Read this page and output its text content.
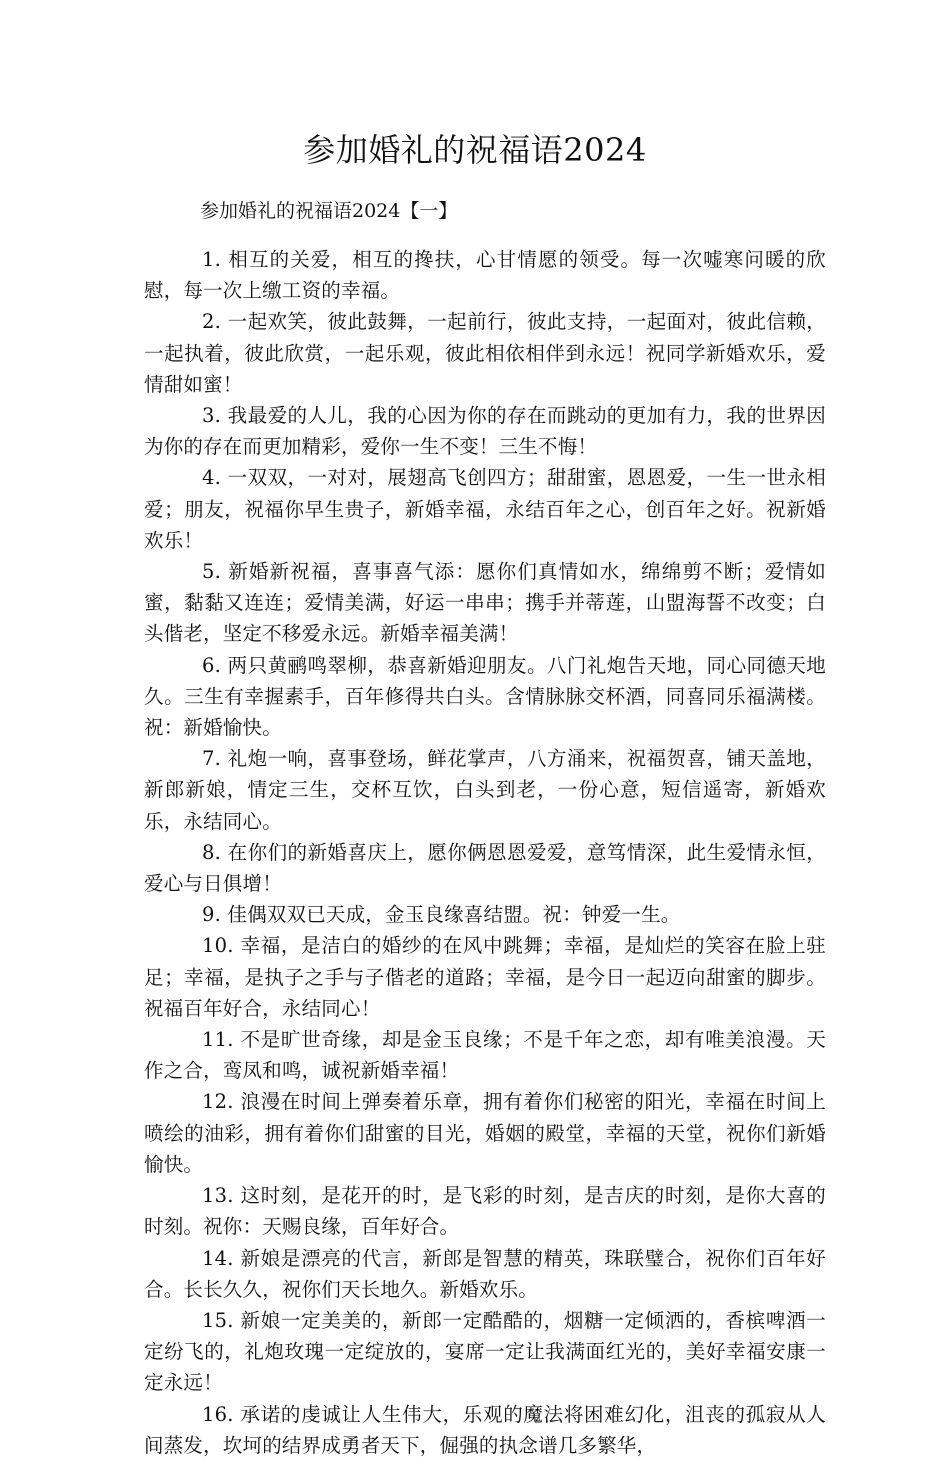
参加婚礼的祝福语2024

参加婚礼的祝福语2024【一】

1. 相互的关爱，相互的搀扶，心甘情愿的领受。每一次嘘寒问暖的欣慰，每一次上缴工资的幸福。

2. 一起欢笑，彼此鼓舞，一起前行，彼此支持，一起面对，彼此信赖，一起执着，彼此欣赏，一起乐观，彼此相依相伴到永远！祝同学新婚欢乐，爱情甜如蜜！

3. 我最爱的人儿，我的心因为你的存在而跳动的更加有力，我的世界因为你的存在而更加精彩，爱你一生不变！三生不悔！

4. 一双双，一对对，展翅高飞创四方；甜甜蜜，恩恩爱，一生一世永相爱；朋友，祝福你早生贵子，新婚幸福，永结百年之心，创百年之好。祝新婚欢乐！

5. 新婚新祝福，喜事喜气添：愿你们真情如水，绵绵剪不断；爱情如蜜，黏黏又连连；爱情美满，好运一串串；携手并蒂莲，山盟海誓不改变；白头偕老，坚定不移爱永远。新婚幸福美满！

6. 两只黄鹂鸣翠柳，恭喜新婚迎朋友。八门礼炮告天地，同心同德天地久。三生有幸握素手，百年修得共白头。含情脉脉交杯酒，同喜同乐福满楼。祝：新婚愉快。

7. 礼炮一响，喜事登场，鲜花掌声，八方涌来，祝福贺喜，铺天盖地，新郎新娘，情定三生，交杯互饮，白头到老，一份心意，短信遥寄，新婚欢乐，永结同心。

8. 在你们的新婚喜庆上，愿你俩恩恩爱爱，意笃情深，此生爱情永恒，爱心与日俱增！

9. 佳偶双双已天成，金玉良缘喜结盟。祝：钟爱一生。

10. 幸福，是洁白的婚纱的在风中跳舞；幸福，是灿烂的笑容在脸上驻足；幸福，是执子之手与子偕老的道路；幸福，是今日一起迈向甜蜜的脚步。祝福百年好合，永结同心！

11. 不是旷世奇缘，却是金玉良缘；不是千年之恋，却有唯美浪漫。天作之合，鸾凤和鸣，诚祝新婚幸福！

12. 浪漫在时间上弹奏着乐章，拥有着你们秘密的阳光，幸福在时间上喷绘的油彩，拥有着你们甜蜜的目光，婚姻的殿堂，幸福的天堂，祝你们新婚愉快。

13. 这时刻，是花开的时，是飞彩的时刻，是吉庆的时刻，是你大喜的时刻。祝你：天赐良缘，百年好合。

14. 新娘是漂亮的代言，新郎是智慧的精英，珠联璧合，祝你们百年好合。长长久久，祝你们天长地久。新婚欢乐。

15. 新娘一定美美的，新郎一定酷酷的，烟糖一定倾洒的，香槟啤酒一定纷飞的，礼炮玫瑰一定绽放的，宴席一定让我满面红光的，美好幸福安康一定永远！

16. 承诺的虔诚让人生伟大，乐观的魔法将困难幻化，沮丧的孤寂从人间蒸发，坎坷的结界成勇者天下，倔强的执念谱几多繁华，
